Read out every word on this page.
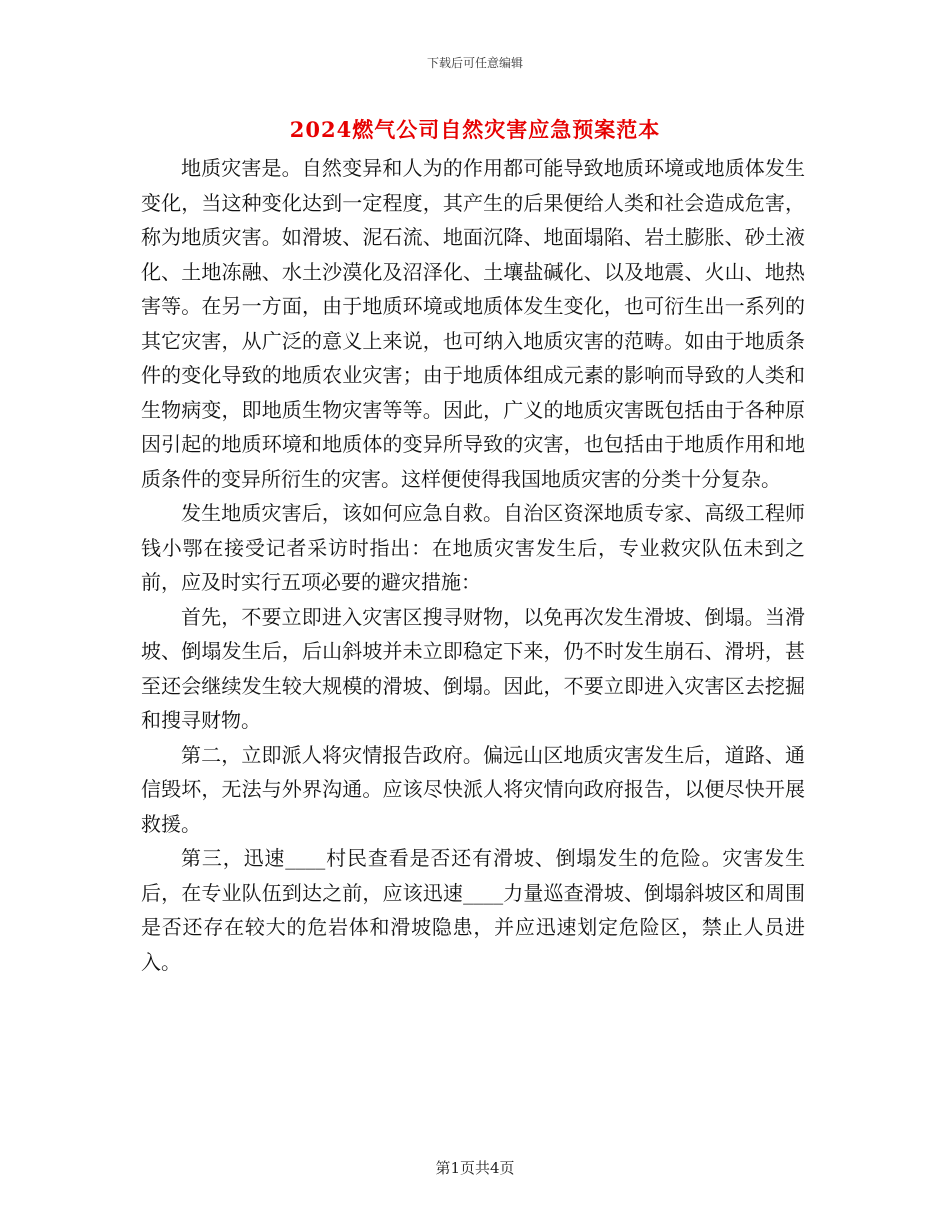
下载后可任意编辑
2024燃气公司自然灾害应急预案范本

地质灾害是。自然变异和人为的作用都可能导致地质环境或地质体发生变化，当这种变化达到一定程度，其产生的后果便给人类和社会造成危害，称为地质灾害。如滑坡、泥石流、地面沉降、地面塌陷、岩土膨胀、砂土液化、土地冻融、水土沙漠化及沼泽化、土壤盐碱化、以及地震、火山、地热害等。在另一方面，由于地质环境或地质体发生变化，也可衍生出一系列的其它灾害，从广泛的意义上来说，也可纳入地质灾害的范畴。如由于地质条件的变化导致的地质农业灾害；由于地质体组成元素的影响而导致的人类和生物病变，即地质生物灾害等等。因此，广义的地质灾害既包括由于各种原因引起的地质环境和地质体的变异所导致的灾害，也包括由于地质作用和地质条件的变异所衍生的灾害。这样便使得我国地质灾害的分类十分复杂。

发生地质灾害后，该如何应急自救。自治区资深地质专家、高级工程师钱小鄂在接受记者采访时指出：在地质灾害发生后，专业救灾队伍未到之前，应及时实行五项必要的避灾措施：

首先，不要立即进入灾害区搜寻财物，以免再次发生滑坡、倒塌。当滑坡、倒塌发生后，后山斜坡并未立即稳定下来，仍不时发生崩石、滑坍，甚至还会继续发生较大规模的滑坡、倒塌。因此，不要立即进入灾害区去挖掘和搜寻财物。

第二，立即派人将灾情报告政府。偏远山区地质灾害发生后，道路、通信毁坏，无法与外界沟通。应该尽快派人将灾情向政府报告，以便尽快开展救援。

第三，迅速____村民查看是否还有滑坡、倒塌发生的危险。灾害发生后，在专业队伍到达之前，应该迅速____力量巡查滑坡、倒塌斜坡区和周围是否还存在较大的危岩体和滑坡隐患，并应迅速划定危险区，禁止人员进入。

第1页共4页
